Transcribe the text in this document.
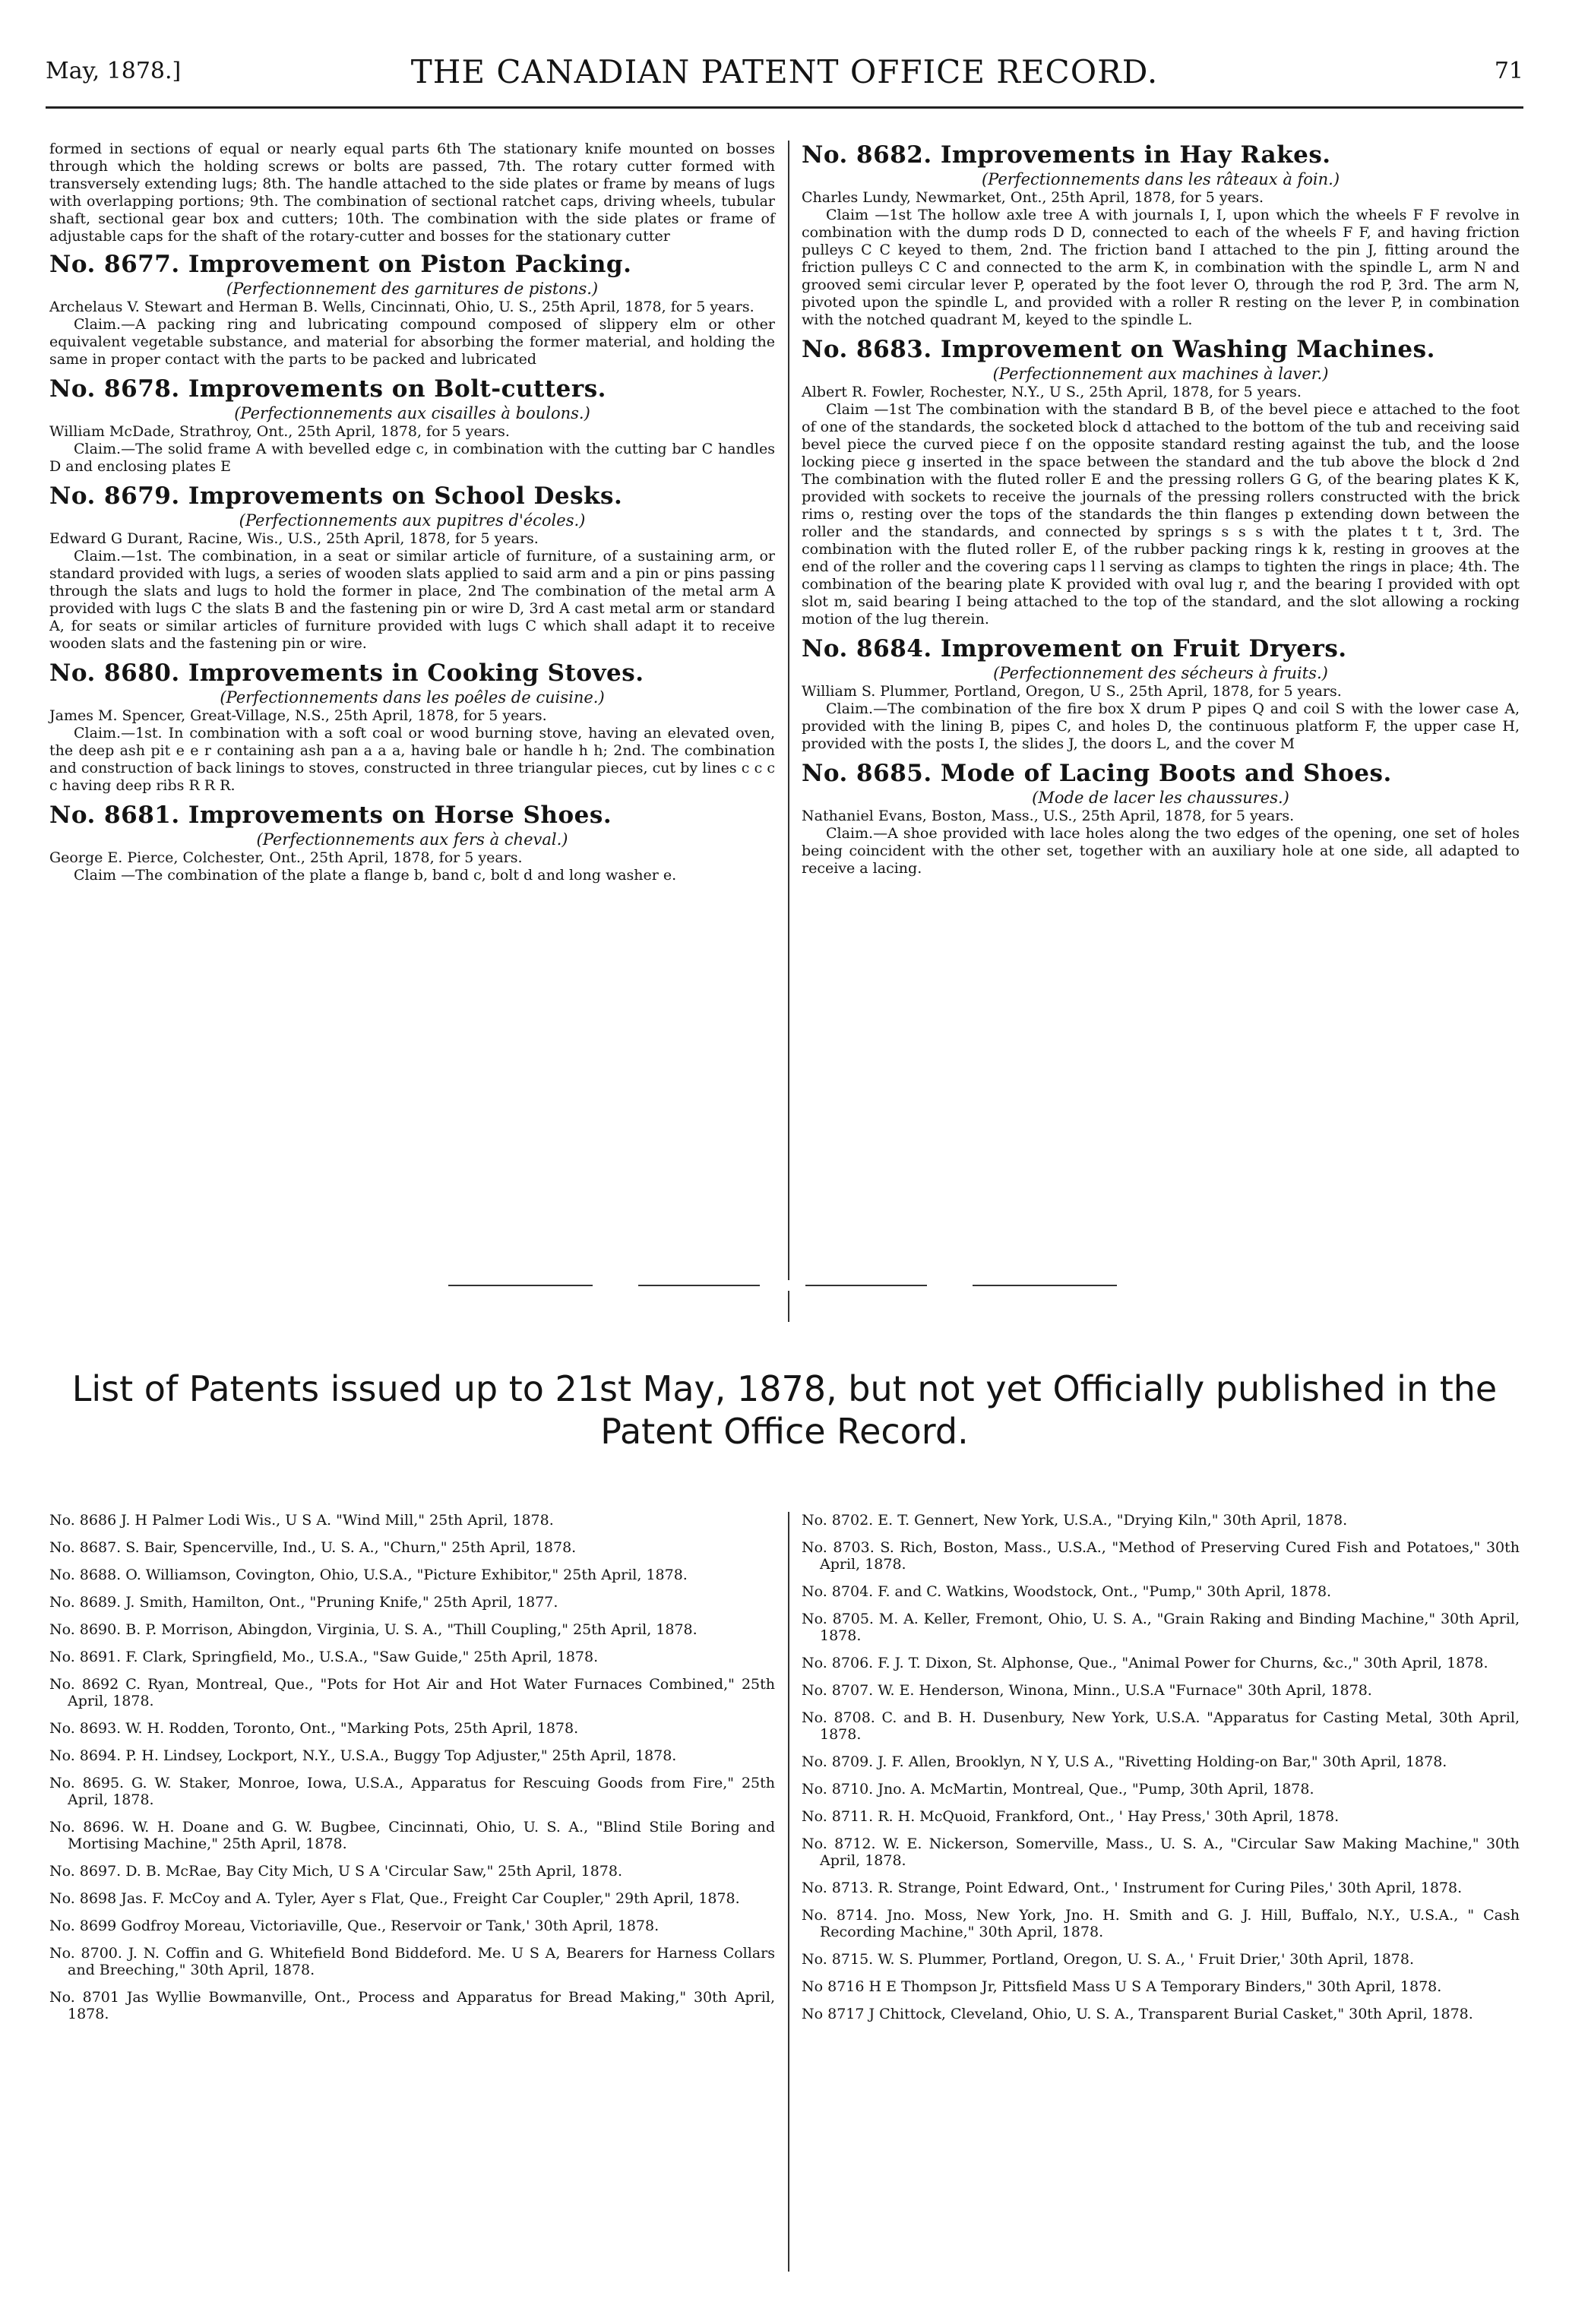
May, 1878.]	THE CANADIAN PATENT OFFICE RECORD.	71
formed in sections of equal or nearly equal parts 6th The stationary knife mounted on bosses through which the holding screws or bolts are passed, 7th. The rotary cutter formed with transversely extending lugs; 8th. The handle attached to the side plates or frame by means of lugs with overlapping portions; 9th. The combination of sectional ratchet caps, driving wheels, tubular shaft, sectional gear box and cutters; 10th. The combination with the side plates or frame of adjustable caps for the shaft of the rotary-cutter and bosses for the stationary cutter
No. 8677. Improvement on Piston Packing.
(Perfectionnement des garnitures de pistons.)
Archelaus V. Stewart and Herman B. Wells, Cincinnati, Ohio, U. S., 25th April, 1878, for 5 years.
Claim.—A packing ring and lubricating compound composed of slippery elm or other equivalent vegetable substance, and material for absorbing the former material, and holding the same in proper contact with the parts to be packed and lubricated
No. 8678. Improvements on Bolt-cutters.
(Perfectionnements aux cisailles à boulons.)
William McDade, Strathroy, Ont., 25th April, 1878, for 5 years.
Claim.—The solid frame A with bevelled edge c, in combination with the cutting bar C handles D and enclosing plates E
No. 8679. Improvements on School Desks.
(Perfectionnements aux pupitres d'écoles.)
Edward G Durant, Racine, Wis., U.S., 25th April, 1878, for 5 years.
Claim.—1st. The combination, in a seat or similar article of furniture, of a sustaining arm, or standard provided with lugs, a series of wooden slats applied to said arm and a pin or pins passing through the slats and lugs to hold the former in place, 2nd The combination of the metal arm A provided with lugs C the slats B and the fastening pin or wire D, 3rd A cast metal arm or standard A, for seats or similar articles of furniture provided with lugs C which shall adapt it to receive wooden slats and the fastening pin or wire.
No. 8680. Improvements in Cooking Stoves.
(Perfectionnements dans les poêles de cuisine.)
James M. Spencer, Great-Village, N.S., 25th April, 1878, for 5 years.
Claim.—1st. In combination with a soft coal or wood burning stove, having an elevated oven, the deep ash pit e e r containing ash pan a a a, having bale or handle h h; 2nd. The combination and construction of back linings to stoves, constructed in three triangular pieces, cut by lines c c c c having deep ribs R R R.
No. 8681. Improvements on Horse Shoes.
(Perfectionnements aux fers à cheval.)
George E. Pierce, Colchester, Ont., 25th April, 1878, for 5 years.
Claim —The combination of the plate a flange b, band c, bolt d and long washer e.
No. 8682. Improvements in Hay Rakes.
(Perfectionnements dans les râteaux à foin.)
Charles Lundy, Newmarket, Ont., 25th April, 1878, for 5 years.
Claim —1st The hollow axle tree A with journals I, I, upon which the wheels F F revolve in combination with the dump rods D D, connected to each of the wheels F F, and having friction pulleys C C keyed to them, 2nd. The friction band I attached to the pin J, fitting around the friction pulleys C C and connected to the arm K, in combination with the spindle L, arm N and grooved semi circular lever P, operated by the foot lever O, through the rod P, 3rd. The arm N, pivoted upon the spindle L, and provided with a roller R resting on the lever P, in combination with the notched quadrant M, keyed to the spindle L.
No. 8683. Improvement on Washing Machines.
(Perfectionnement aux machines à laver.)
Albert R. Fowler, Rochester, N.Y., U S., 25th April, 1878, for 5 years.
Claim —1st The combination with the standard B B, of the bevel piece e attached to the foot of one of the standards, the socketed block d attached to the bottom of the tub and receiving said bevel piece the curved piece f on the opposite standard resting against the tub, and the loose locking piece g inserted in the space between the standard and the tub above the block d 2nd The combination with the fluted roller E and the pressing rollers G G, of the bearing plates K K, provided with sockets to receive the journals of the pressing rollers constructed with the brick rims o, resting over the tops of the standards the thin flanges p extending down between the roller and the standards, and connected by springs s s s with the plates t t t, 3rd. The combination with the fluted roller E, of the rubber packing rings k k, resting in grooves at the end of the roller and the covering caps l l serving as clamps to tighten the rings in place; 4th. The combination of the bearing plate K provided with oval lug r, and the bearing I provided with opt slot m, said bearing I being attached to the top of the standard, and the slot allowing a rocking motion of the lug therein.
No. 8684. Improvement on Fruit Dryers.
(Perfectionnement des sécheurs à fruits.)
William S. Plummer, Portland, Oregon, U S., 25th April, 1878, for 5 years.
Claim.—The combination of the fire box X drum P pipes Q and coil S with the lower case A, provided with the lining B, pipes C, and holes D, the continuous platform F, the upper case H, provided with the posts I, the slides J, the doors L, and the cover M
No. 8685. Mode of Lacing Boots and Shoes.
(Mode de lacer les chaussures.)
Nathaniel Evans, Boston, Mass., U.S., 25th April, 1878, for 5 years.
Claim.—A shoe provided with lace holes along the two edges of the opening, one set of holes being coincident with the other set, together with an auxiliary hole at one side, all adapted to receive a lacing.
List of Patents issued up to 21st May, 1878, but not yet Officially published in the Patent Office Record.
No. 8686 J. H Palmer Lodi Wis., U S A. "Wind Mill," 25th April, 1878.
No. 8687. S. Bair, Spencerville, Ind., U. S. A., "Churn," 25th April, 1878.
No. 8688. O. Williamson, Covington, Ohio, U.S.A., "Picture Exhibitor," 25th April, 1878.
No. 8689. J. Smith, Hamilton, Ont., "Pruning Knife," 25th April, 1877.
No. 8690. B. P. Morrison, Abingdon, Virginia, U. S. A., "Thill Coupling," 25th April, 1878.
No. 8691. F. Clark, Springfield, Mo., U.S.A., "Saw Guide," 25th April, 1878.
No. 8692 C. Ryan, Montreal, Que., "Pots for Hot Air and Hot Water Furnaces Combined," 25th April, 1878.
No. 8693. W. H. Rodden, Toronto, Ont., "Marking Pots, 25th April, 1878.
No. 8694. P. H. Lindsey, Lockport, N.Y., U.S.A., Buggy Top Adjuster," 25th April, 1878.
No. 8695. G. W. Staker, Monroe, Iowa, U.S.A., Apparatus for Rescuing Goods from Fire," 25th April, 1878.
No. 8696. W. H. Doane and G. W. Bugbee, Cincinnati, Ohio, U. S. A., "Blind Stile Boring and Mortising Machine," 25th April, 1878.
No. 8697. D. B. McRae, Bay City Mich, U S A 'Circular Saw," 25th April, 1878.
No. 8698 Jas. F. McCoy and A. Tyler, Ayer s Flat, Que., Freight Car Coupler," 29th April, 1878.
No. 8699 Godfroy Moreau, Victoriaville, Que., Reservoir or Tank,' 30th April, 1878.
No. 8700. J. N. Coffin and G. Whitefield Bond Biddeford. Me. U S A, Bearers for Harness Collars and Breeching," 30th April, 1878.
No. 8701 Jas Wyllie Bowmanville, Ont., Process and Apparatus for Bread Making," 30th April, 1878.
No. 8702. E. T. Gennert, New York, U.S.A., "Drying Kiln," 30th April, 1878.
No. 8703. S. Rich, Boston, Mass., U.S.A., "Method of Preserving Cured Fish and Potatoes," 30th April, 1878.
No. 8704. F. and C. Watkins, Woodstock, Ont., "Pump," 30th April, 1878.
No. 8705. M. A. Keller, Fremont, Ohio, U. S. A., "Grain Raking and Binding Machine," 30th April, 1878.
No. 8706. F. J. T. Dixon, St. Alphonse, Que., "Animal Power for Churns, &c.," 30th April, 1878.
No. 8707. W. E. Henderson, Winona, Minn., U.S.A "Furnace" 30th April, 1878.
No. 8708. C. and B. H. Dusenbury, New York, U.S.A. "Apparatus for Casting Metal, 30th April, 1878.
No. 8709. J. F. Allen, Brooklyn, N Y, U.S A., "Rivetting Holding-on Bar," 30th April, 1878.
No. 8710. Jno. A. McMartin, Montreal, Que., "Pump, 30th April, 1878.
No. 8711. R. H. McQuoid, Frankford, Ont., ' Hay Press,' 30th April, 1878.
No. 8712. W. E. Nickerson, Somerville, Mass., U. S. A., "Circular Saw Making Machine," 30th April, 1878.
No. 8713. R. Strange, Point Edward, Ont., ' Instrument for Curing Piles,' 30th April, 1878.
No. 8714. Jno. Moss, New York, Jno. H. Smith and G. J. Hill, Buffalo, N.Y., U.S.A., " Cash Recording Machine," 30th April, 1878.
No. 8715. W. S. Plummer, Portland, Oregon, U. S. A., ' Fruit Drier,' 30th April, 1878.
No 8716 H E Thompson Jr, Pittsfield Mass U S A Temporary Binders," 30th April, 1878.
No 8717 J Chittock, Cleveland, Ohio, U. S. A., Transparent Burial Casket," 30th April, 1878.
